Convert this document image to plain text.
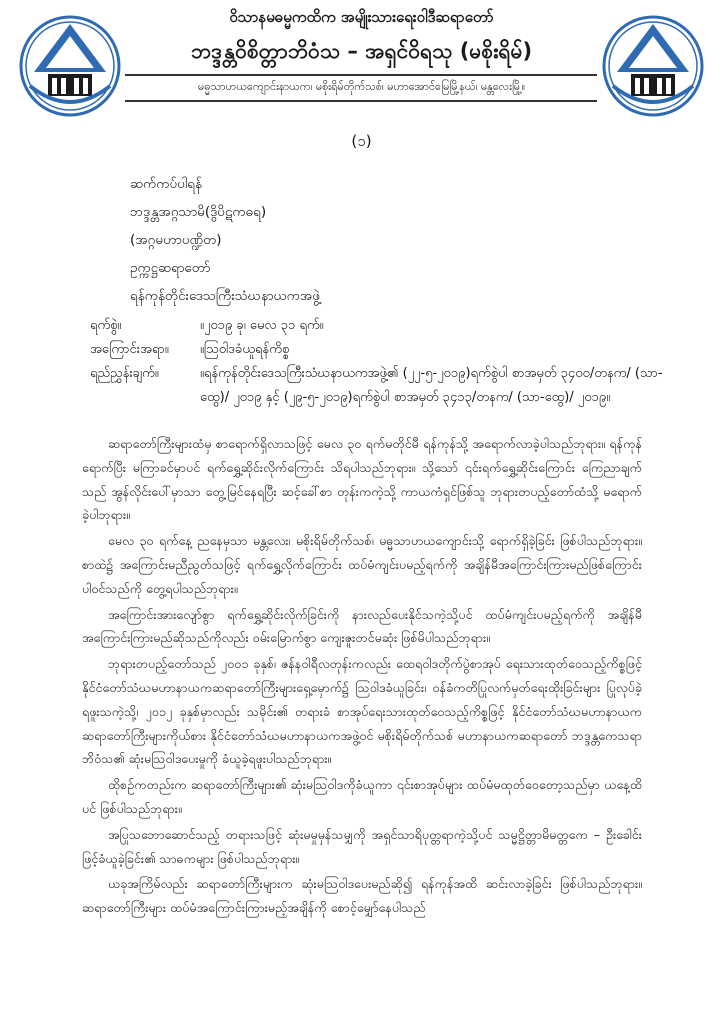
ဝိသာနမဓမ္မကထိက အမျိုးသားရေးဝါဒီဆရာတော်
ဘဒ္ဒန္တဝိစိတ္တာဘိဝံသ – အရှင်ဝိရသု (မစိုးရိမ်)
မဓ္မသာဟယကျောင်းနာယက၊ မစိုးရိမ်တိုက်သစ်၊ မဟာအောင်မြေမြို့နယ်၊ မန္တလေးမြို့။
(၁)
ဆက်ကပ်ပါရန်
ဘဒ္ဒန္တအဂ္ဂသာမိ(ဒွိပိဋကဓရ)
(အဂ္ဂမဟာပဏ္ဍိတ)
ဥက္ကဋ္ဌဆရာတော်
ရန်ကုန်တိုင်းဒေသကြီးသံဃနာယကအဖွဲ့
ရက်စွဲ။	။၂၀၁၉ ခု၊ မေလ ၃၁ ရက်။
အကြောင်းအရာ။	။ဩဝါဒခံယူရန်ကိစ္စ
ရည်ညွှန်းချက်။	။ရန်ကုန်တိုင်းဒေသကြီးသံဃနာယကအဖွဲ့၏ (၂၂-၅-၂၀၁၉)ရက်စွဲပါ စာအမှတ် ၃၄၀၀/တနက/ (သာ-ထွေ)/ ၂၀၁၉ နှင့် (၂၉-၅-၂၀၁၉)ရက်စွဲပါ စာအမှတ် ၃၄၁၃/တနက/ (သာ-ထွေ)/ ၂၀၁၉။

ဆရာတော်ကြီးများထံမှ စာရောက်ရှိလာသဖြင့် မေလ ၃၀ ရက်မတိုင်မီ ရန်ကုန်သို့ အရောက်လာခဲ့ပါသည်ဘုရား။ ရန်ကုန်ရောက်ပြီး မကြာခင်မှာပင် ရက်ရွှေ့ဆိုင်းလိုက်ကြောင်း သိရပါသည်ဘုရား။ သို့သော် ၎င်းရက်ရွှေ့ဆိုင်းကြောင်း ကြေညာချက်သည် အွန်လိုင်းပေါ်မှာသာ တွေ့မြင်နေရပြီး ဆင့်ခေါ်စာ တုန်းကကဲ့သို့ ကာယကံရှင်ဖြစ်သူ ဘုရားတပည့်တော်ထံသို့ မရောက်ခဲ့ပါဘုရား။

မေလ ၃၀ ရက်နေ့ ညနေမှသာ မန္တလေး၊ မစိုးရိမ်တိုက်သစ်၊ မဓ္မသာဟယကျောင်းသို့ ရောက်ရှိခဲ့ခြင်း ဖြစ်ပါသည်ဘုရား။ စာထဲ၌ အကြောင်းမညီညွတ်သဖြင့် ရက်ရွှေ့လိုက်ကြောင်း ထပ်မံကျင်းပမည့်ရက်ကို အချိန်မီအကြောင်းကြားမည်ဖြစ်ကြောင်း ပါဝင်သည်ကို တွေ့ရပါသည်ဘုရား။

အကြောင်းအားလျော်စွာ ရက်ရွှေ့ဆိုင်းလိုက်ခြင်းကို နားလည်ပေးနိုင်သကဲ့သို့ပင် ထပ်မံကျင်းပမည့်ရက်ကို အချိန်မီအကြောင်းကြားမည်ဆိုသည်ကိုလည်း ဝမ်းမြောက်စွာ ကျေးဇူးတင်မဆုံး ဖြစ်မိပါသည်ဘုရား။

ဘုရားတပည့်တော်သည် ၂၀၀၁ ခုနှစ်၊ ဇန်နဝါရီလတုန်းကလည်း ထေရဝါဒတိုက်ပွဲစာအုပ် ရေးသားထုတ်ဝေသည့်ကိစ္စဖြင့် နိုင်ငံတော်သံဃမဟာနာယကဆရာတော်ကြီးများရှေ့မှောက်၌ ဩဝါဒခံယူခြင်း၊ ဝန်ခံကတိပြုလက်မှတ်ရေးထိုးခြင်းများ ပြုလုပ်ခဲ့ရဖူးသကဲ့သို့၊ ၂၀၁၂ ခုနှစ်မှာလည်း သမိုင်း၏ တရားခံ စာအုပ်ရေးသားထုတ်ဝေသည့်ကိစ္စဖြင့် နိုင်ငံတော်သံဃမဟာနာယကဆရာတော်ကြီးများကိုယ်စား နိုင်ငံတော်သံဃမဟာနာယကအဖွဲ့ဝင် မစိုးရိမ်တိုက်သစ် မဟာနာယကဆရာတော် ဘဒ္ဒန္တကေသရာဘိဝံသ၏ ဆုံးမဩဝါဒပေးမှုကို ခံယူခဲ့ရဖူးပါသည်ဘုရား။

ထိုစဉ်ကတည်းက ဆရာတော်ကြီးများ၏ ဆုံးမဩဝါဒကိုခံယူကာ ၎င်းစာအုပ်များ ထပ်မံမထုတ်ဝေတော့သည်မှာ ယနေ့ထိပင် ဖြစ်ပါသည်ဘုရား။

အပြုသဘောဆောင်သည့် တရားသဖြင့် ဆုံးမမှုမှန်သမျှကို အရှင်သာရိပုတ္တရာကဲ့သို့ပင် သမ္မဋ္ဌိတ္တာမိမတ္တကေ – ဦးခေါင်းဖြင့်ခံယူခဲ့ခြင်း၏ သာဓကများ ဖြစ်ပါသည်ဘုရား။

ယခုအကြိမ်လည်း ဆရာတော်ကြီးများက ဆုံးမဩဝါဒပေးမည်ဆို၍ ရန်ကုန်အထိ ဆင်းလာခဲ့ခြင်း ဖြစ်ပါသည်ဘုရား။ ဆရာတော်ကြီးများ ထပ်မံအကြောင်းကြားမည့်အချိန်ကို စောင့်မျှော်နေပါသည်
